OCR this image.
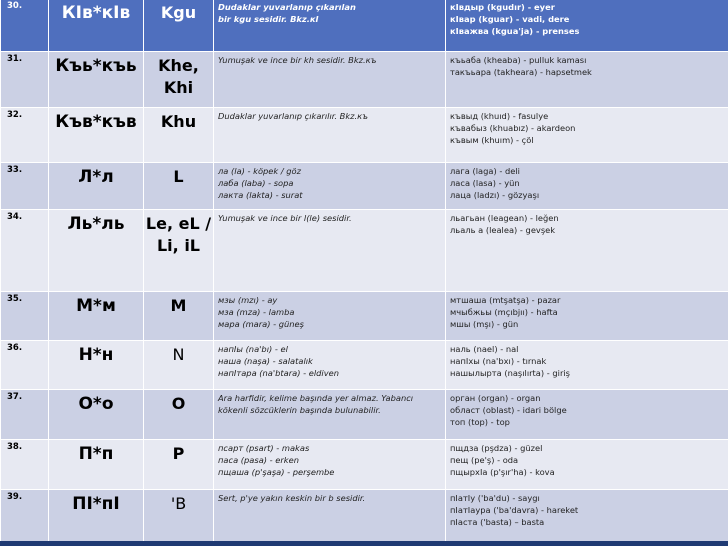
30.	КІв*кІв	Kgu	Dudaklar yuvarlanıp çıkarılan
bir kgu sesidir. Bkz.кІ	кІвдыр (kgudır) - eyer
кІвар (kguar) - vadi, dere
кІважва (kgua'ja) - prenses

31.	Къь*къь	Khe, Khi	Yumuşak ve ince bir kh sesidir. Bkz.къ	къьаба (kheaba) - pulluk kaması
такъьара (takheara) - hapsetmek

32.	Къв*къв	Khu	Dudaklar yuvarlanıp çıkarılır. Bkz.къ	къвыд (khuıd) - fasulye
къвабыз (khuabız) - akardeon
къвым (khuım) - çöl

33.	Л*л	L	ла (la) - köpek / göz
лаба (laba) - sopa
лакта (lakta) - surat	лага (laga) - deli
ласа (lasa) - yün
лаца (ladzı) - gözyaşı

34.	Ль*ль	Le, eL / Li, iL	Yumuşak ve ince bir l(le) sesidir.	льагьан (leagean) - leğen
льаль а (lealea) - gevşek

35.	М*м	M	мзы (mzı) - ay
мза (mza) - lamba
мара (mara) - güneş	мтшаша (mtşatşa) - pazar
мчыбжьы (mçıbjıı) - hafta
мшы (mşı) - gün

36.	Н*н	N	напІы (na'bı) - el
наша (naşa) - salatalık
напІтара (na'btara) - eldiven	наль (nael) - nal
напІхы (na'bxı) - tırnak
нашылырта (naşılırta) - giriş

37.	О*о	O	Ara harfidir, kelime başında yer almaz. Yabancı
kökenli sözcüklerin başında bulunabilir.	орган (organ) - organ
област (oblast) - idari bölge
топ (top) - top

38.	П*п	P	псарт (psart) - makas
паса (pasa) - erken
пщаша (p'şaşa) - perşembe	пщдза (pşdza) - güzel
пещ (pe'ş) - oda
пщырхІа (p'şır'ha) - kova

39.	ПІ*пІ	'B	Sert, p'ye yakın keskin bir b sesidir.	пІатІу ('ba'du) - saygı
пІатІаура ('ba'davra) - hareket
пІаста ('basta) – basta
